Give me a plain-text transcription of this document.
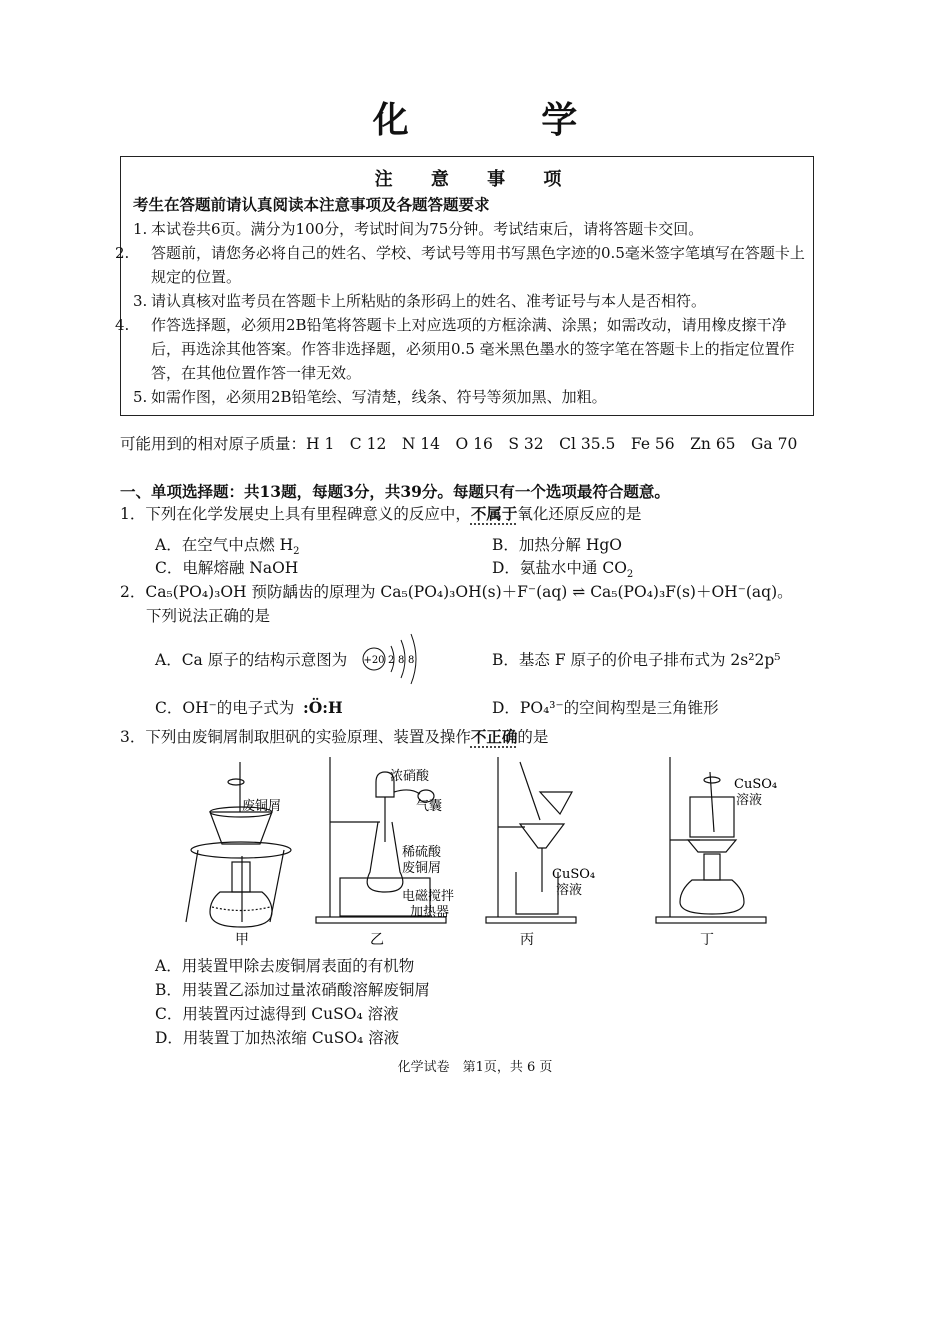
化 学
注 意 事 项
考生在答题前请认真阅读本注意事项及各题答题要求
1. 本试卷共6页。满分为100分，考试时间为75分钟。考试结束后，请将答题卡交回。
2. 答题前，请您务必将自己的姓名、学校、考试号等用书写黑色字迹的0.5毫米签字笔填写在答题卡上规定的位置。
3. 请认真核对监考员在答题卡上所粘贴的条形码上的姓名、准考证号与本人是否相符。
4. 作答选择题，必须用2B铅笔将答题卡上对应选项的方框涂满、涂黑；如需改动，请用橡皮擦干净后，再选涂其他答案。作答非选择题，必须用0.5 毫米黑色墨水的签字笔在答题卡上的指定位置作答，在其他位置作答一律无效。
5. 如需作图，必须用2B铅笔绘、写清楚，线条、符号等须加黑、加粗。
可能用到的相对原子质量：H 1　C 12　N 14　O 16　S 32　Cl 35.5　Fe 56　Zn 65　Ga 70
一、单项选择题：共13题，每题3分，共39分。每题只有一个选项最符合题意。
1．下列在化学发展史上具有里程碑意义的反应中，不属于氧化还原反应的是
A．在空气中点燃 $H_2$	B．加热分解 HgO
C．电解熔融 NaOH	D．氨盐水中通 $CO_2$
2．Ca₅(PO₄)₃OH 预防龋齿的原理为 Ca₅(PO₄)₃OH(s)＋F⁻(aq) ⇌ Ca₅(PO₄)₃F(s)＋OH⁻(aq)。
下列说法正确的是
A．Ca 原子的结构示意图为 +20 2 8 8	B．基态 F 原子的价电子排布式为 2s²2p⁵
C．OH⁻的电子式为 :Ö:H	D．PO₄³⁻的空间构型是三角锥形
3．下列由废铜屑制取胆矾的实验原理、装置及操作不正确的是
废铜屑
甲
浓硝酸
气囊
稀硫酸
废铜屑
电磁搅拌
加热器
乙
CuSO₄
溶液
丙
CuSO₄
溶液
丁
A．用装置甲除去废铜屑表面的有机物
B．用装置乙添加过量浓硝酸溶解废铜屑
C．用装置丙过滤得到 CuSO₄ 溶液
D．用装置丁加热浓缩 CuSO₄ 溶液
化学试卷　第1页，共 6 页
